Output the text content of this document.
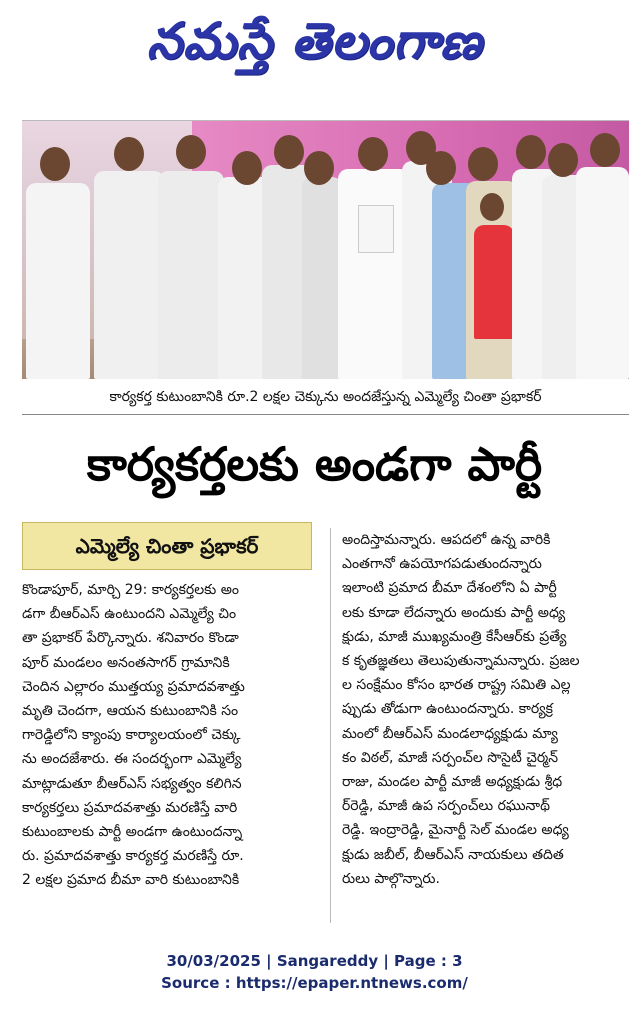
నమస్తే తెలంగాణ
కార్యకర్త కుటుంబానికి రూ.2 లక్షల చెక్కును అందజేస్తున్న ఎమ్మెల్యే చింతా ప్రభాకర్
కార్యకర్తలకు అండగా పార్టీ
ఎమ్మెల్యే చింతా ప్రభాకర్

కొండాపూర్, మార్చి 29: కార్యకర్తలకు అం

డగా బీఆర్ఎస్ ఉంటుందని ఎమ్మెల్యే చిం

తా ప్రభాకర్ పేర్కొన్నారు. శనివారం కొండా

పూర్ మండలం అనంతసాగర్ గ్రామానికి

చెందిన ఎల్లారం ముత్తయ్య ప్రమాదవశాత్తు

మృతి చెందగా, ఆయన కుటుంబానికి సం

గారెడ్డిలోని క్యాంపు కార్యాలయంలో చెక్కు

ను అందజేశారు. ఈ సందర్భంగా ఎమ్మెల్యే

మాట్లాడుతూ బీఆర్ఎస్ సభ్యత్వం కలిగిన

కార్యకర్తలు ప్రమాదవశాత్తు మరణిస్తే వారి

కుటుంబాలకు పార్టీ అండగా ఉంటుందన్నా

రు. ప్రమాదవశాత్తు కార్యకర్త మరణిస్తే రూ.

2 లక్షల ప్రమాద బీమా వారి కుటుంబానికి

అందిస్తామన్నారు. ఆపదలో ఉన్న వారికి

ఎంతగానో ఉపయోగపడుతుందన్నారు

ఇలాంటి ప్రమాద బీమా దేశంలోని ఏ పార్టీ

లకు కూడా లేదన్నారు అందుకు పార్టీ అధ్య

క్షుడు, మాజీ ముఖ్యమంత్రి కేసీఆర్‌కు ప్రత్యే

క కృతజ్ఞతలు తెలుపుతున్నామన్నారు. ప్రజల

ల సంక్షేమం కోసం భారత రాష్ట్ర సమితి ఎల్ల

ప్పుడు తోడుగా ఉంటుందన్నారు. కార్యక్ర

మంలో బీఆర్ఎస్ మండలాధ్యక్షుడు మ్యా

కం విఠల్, మాజీ సర్పంచ్‌ల సొసైటీ చైర్మన్

రాజు, మండల పార్టీ మాజీ అధ్యక్షుడు శ్రీధ

ర్‌రెడ్డి, మాజీ ఉప సర్పంచ్‌లు రఘునాథ్

రెడ్డి. ఇంద్రారెడ్డి, మైనార్టీ సెల్ మండల అధ్య

క్షుడు జబీల్, బీఆర్ఎస్ నాయకులు తదిత

రులు పాల్గొన్నారు.

30/03/2025 | Sangareddy | Page : 3
Source : https://epaper.ntnews.com/
